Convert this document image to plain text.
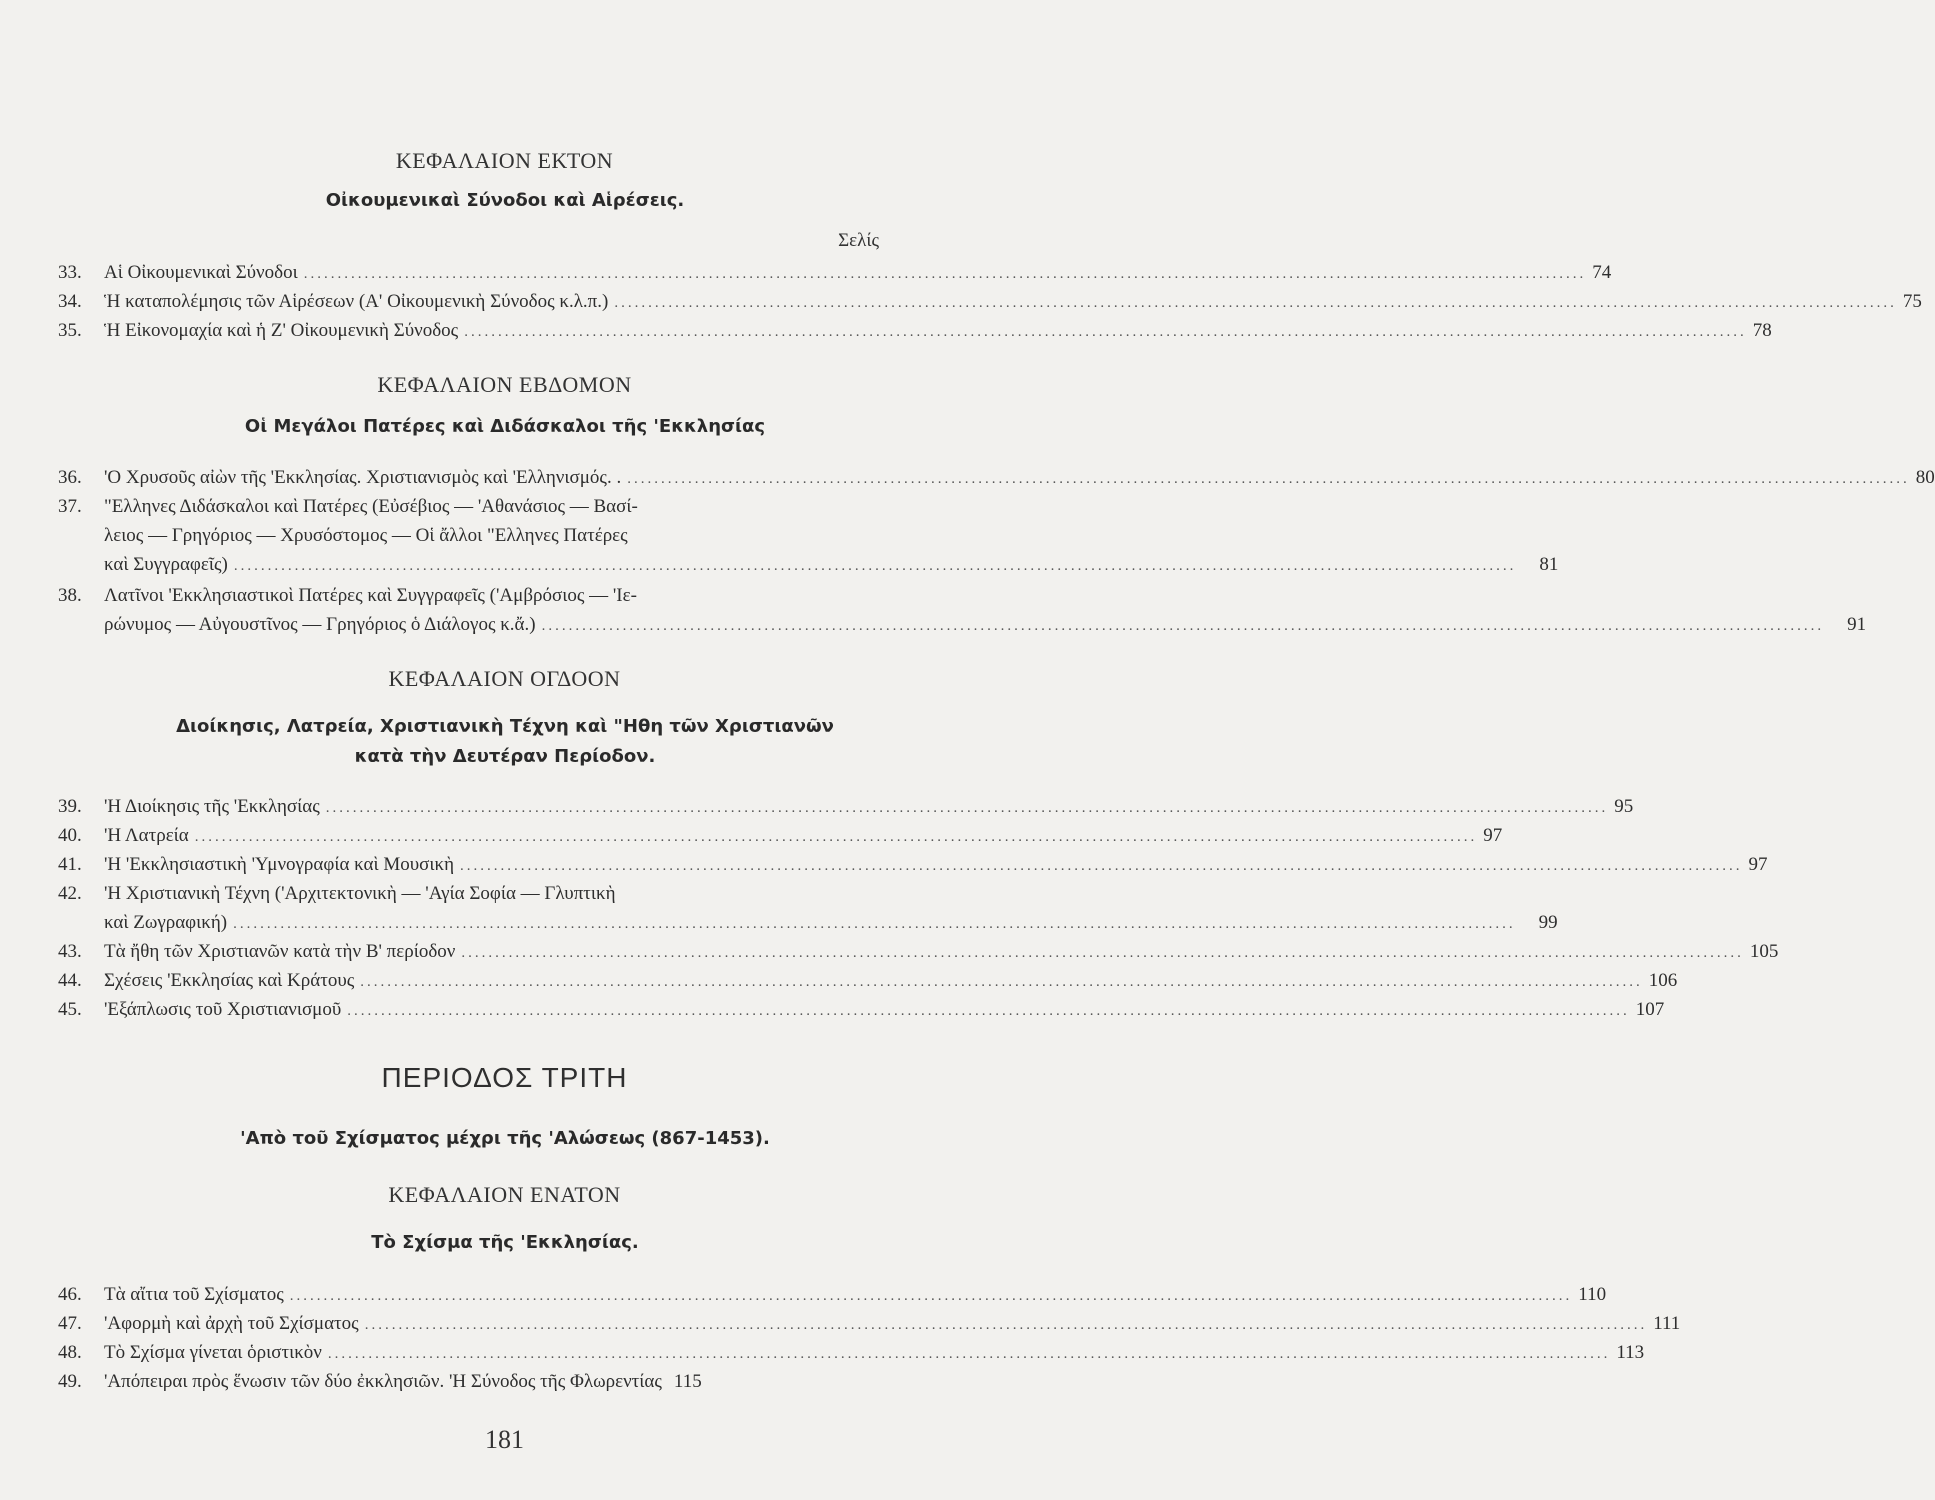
ΚΕΦΑΛΑΙΟΝ ΕΚΤΟΝ
Οἰκουμενικαὶ Σύνοδοι καὶ Αἱρέσεις.
Σελίς
33.	Αἱ Οἰκουμενικαὶ Σύνοδοι .....	74
34.	Ἡ καταπολέμησις τῶν Αἱρέσεων (Α' Οἰκουμενικὴ Σύνοδος κ.λ.π.) .....	75
35.	Ἡ Εἰκονομαχία καὶ ἡ Ζ' Οἰκουμενικὴ Σύνοδος .....	78
ΚΕΦΑΛΑΙΟΝ ΕΒΔΟΜΟΝ
Οἱ Μεγάλοι Πατέρες καὶ Διδάσκαλοι τῆς 'Εκκλησίας
36.	'Ο Χρυσοῦς αἰὼν τῆς 'Εκκλησίας. Χριστιανισμὸς καὶ 'Ελληνισμός. . .....	80
37.	"Ελληνες Διδάσκαλοι καὶ Πατέρες (Εὐσέβιος — 'Αθανάσιος — Βασί-
λειος — Γρηγόριος — Χρυσόστομος — Οἱ ἄλλοι "Ελληνες Πατέρες
καὶ Συγγραφεῖς) .....	81
38.	Λατῖνοι 'Εκκλησιαστικοὶ Πατέρες καὶ Συγγραφεῖς ('Αμβρόσιος — 'Ιε-
ρώνυμος — Αὐγουστῖνος — Γρηγόριος ὁ Διάλογος κ.ἄ.) .....	91
ΚΕΦΑΛΑΙΟΝ ΟΓΔΟΟΝ
Διοίκησις, Λατρεία, Χριστιανικὴ Τέχνη καὶ "Ηθη τῶν Χριστιανῶν
κατὰ τὴν Δευτέραν Περίοδον.
39.	'Η Διοίκησις τῆς 'Εκκλησίας .....	95
40.	'Η Λατρεία .....	97
41.	'Η 'Εκκλησιαστικὴ 'Υμνογραφία καὶ Μουσικὴ .....	97
42.	'Η Χριστιανικὴ Τέχνη ('Αρχιτεκτονικὴ — 'Αγία Σοφία — Γλυπτικὴ
καὶ Ζωγραφική) .....	99
43.	Τὰ ἤθη τῶν Χριστιανῶν κατὰ τὴν Β' περίοδον .....	105
44.	Σχέσεις 'Εκκλησίας καὶ Κράτους .....	106
45.	'Εξάπλωσις τοῦ Χριστιανισμοῦ .....	107
ΠΕΡΙΟΔΟΣ ΤΡΙΤΗ
'Απὸ τοῦ Σχίσματος μέχρι τῆς 'Αλώσεως (867-1453).
ΚΕΦΑΛΑΙΟΝ ΕΝΑΤΟΝ
Τὸ Σχίσμα τῆς 'Εκκλησίας.
46.	Τὰ αἴτια τοῦ Σχίσματος .....	110
47.	'Αφορμὴ καὶ ἀρχὴ τοῦ Σχίσματος .....	111
48.	Τὸ Σχίσμα γίνεται ὁριστικὸν .....	113
49.	'Απόπειραι πρὸς ἕνωσιν τῶν δύο ἐκκλησιῶν. 'Η Σύνοδος τῆς Φλωρεντίας 115
181
